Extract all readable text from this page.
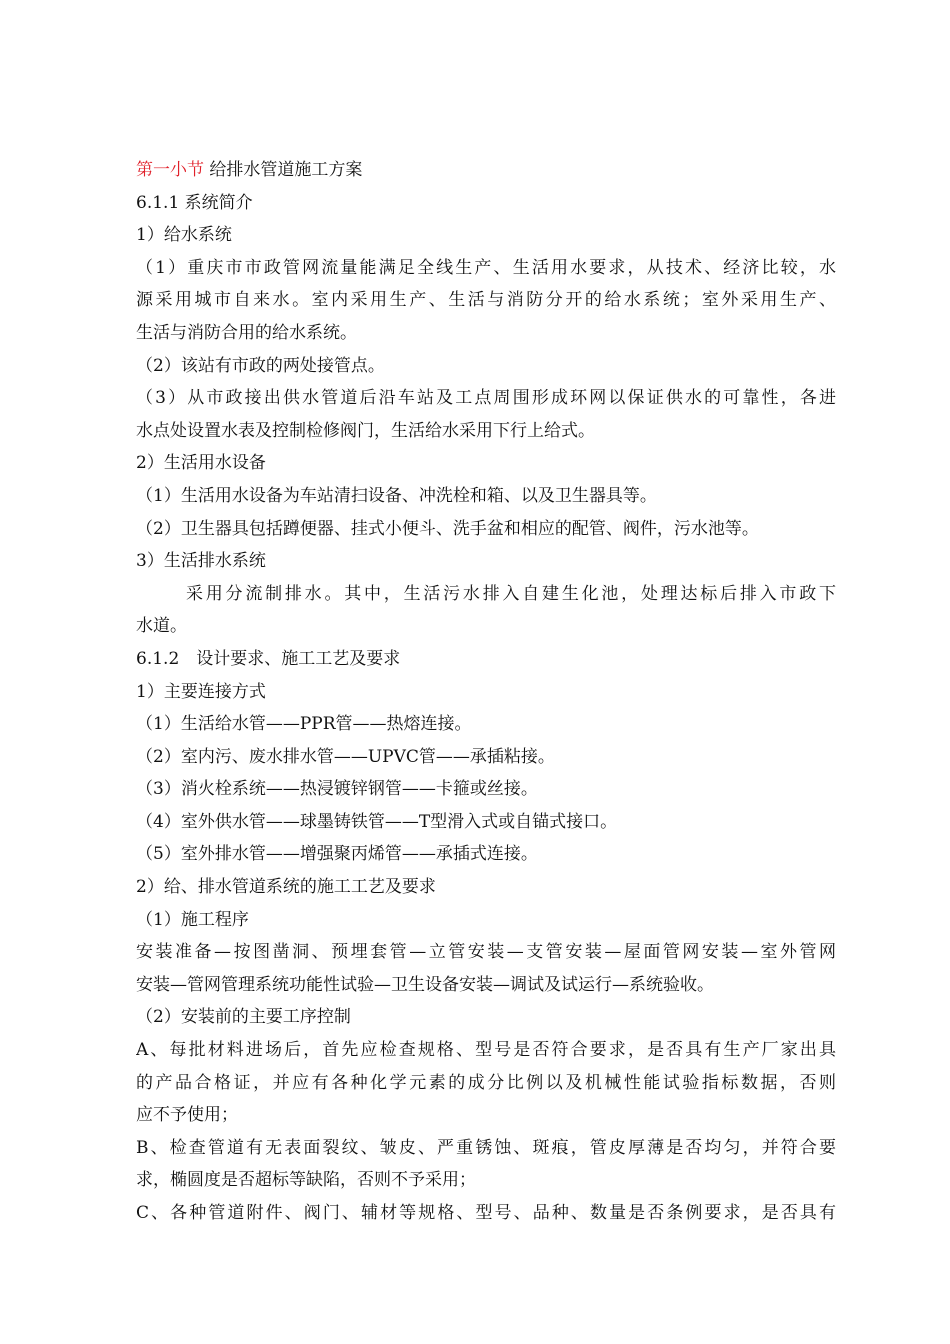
第一小节 给排水管道施工方案
6.1.1 系统简介
1）给水系统
（1）重庆市市政管网流量能满足全线生产、生活用水要求，从技术、经济比较，水
源采用城市自来水。室内采用生产、生活与消防分开的给水系统；室外采用生产、
生活与消防合用的给水系统。
（2）该站有市政的两处接管点。
（3）从市政接出供水管道后沿车站及工点周围形成环网以保证供水的可靠性，各进
水点处设置水表及控制检修阀门，生活给水采用下行上给式。
2）生活用水设备
（1）生活用水设备为车站清扫设备、冲洗栓和箱、以及卫生器具等。
（2）卫生器具包括蹲便器、挂式小便斗、洗手盆和相应的配管、阀件，污水池等。
3）生活排水系统
采用分流制排水。其中，生活污水排入自建生化池，处理达标后排入市政下
水道。
6.1.2　设计要求、施工工艺及要求
1）主要连接方式
（1）生活给水管——PPR管——热熔连接。
（2）室内污、废水排水管——UPVC管——承插粘接。
（3）消火栓系统——热浸镀锌钢管——卡箍或丝接。
（4）室外供水管——球墨铸铁管——T型滑入式或自锚式接口。
（5）室外排水管——增强聚丙烯管——承插式连接。
2）给、排水管道系统的施工工艺及要求
（1）施工程序
安装准备—按图凿洞、预埋套管—立管安装—支管安装—屋面管网安装—室外管网
安装—管网管理系统功能性试验—卫生设备安装—调试及试运行—系统验收。
（2）安装前的主要工序控制
A、每批材料进场后，首先应检查规格、型号是否符合要求，是否具有生产厂家出具
的产品合格证，并应有各种化学元素的成分比例以及机械性能试验指标数据，否则
应不予使用；
B、检查管道有无表面裂纹、皱皮、严重锈蚀、斑痕，管皮厚薄是否均匀，并符合要
求，椭圆度是否超标等缺陷，否则不予采用；
C、各种管道附件、阀门、辅材等规格、型号、品种、数量是否条例要求，是否具有
